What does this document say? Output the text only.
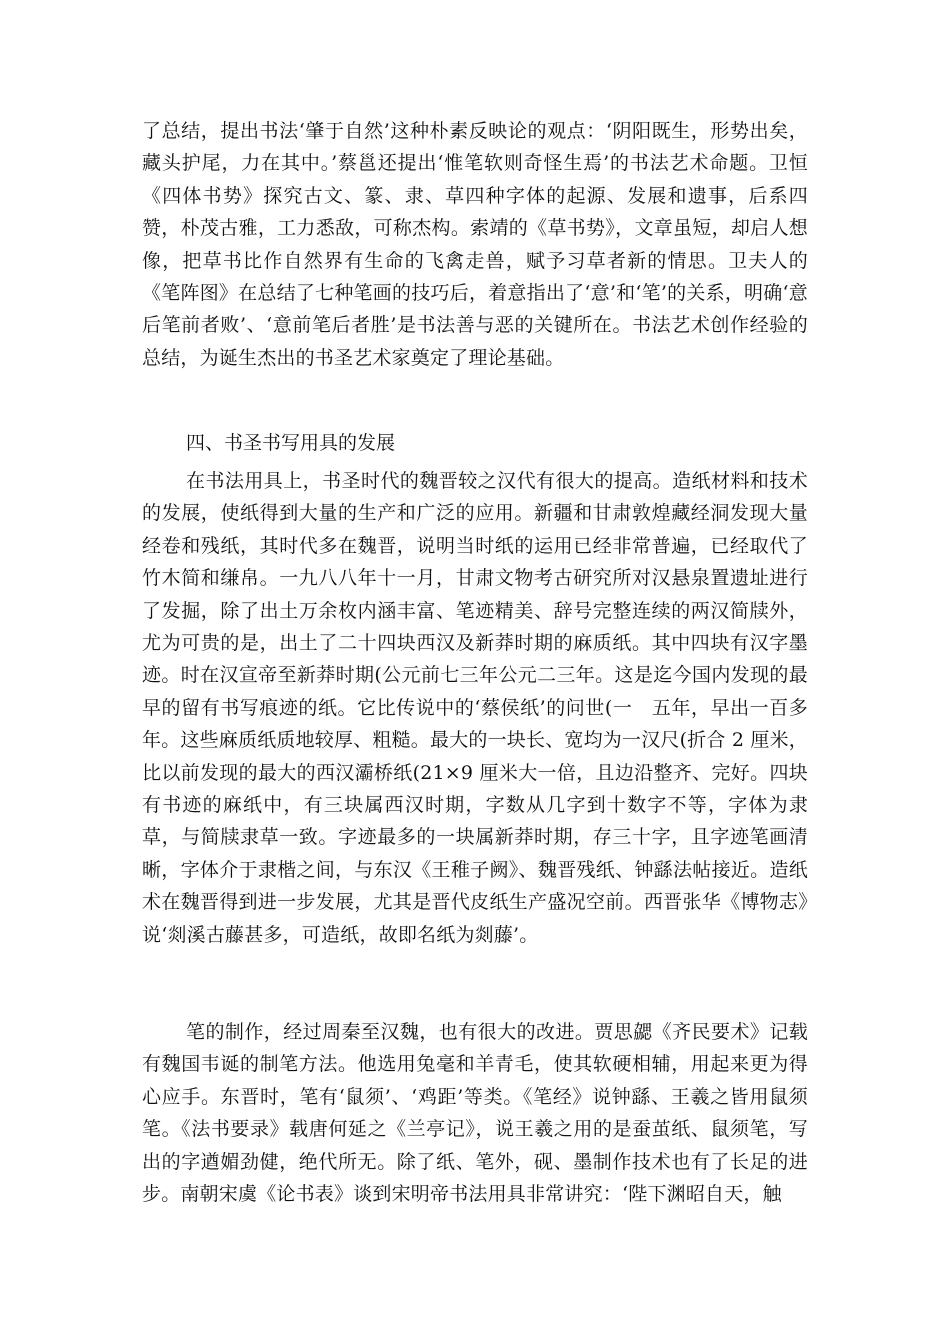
了总结，提出书法‘肇于自然’这种朴素反映论的观点：‘阴阳既生，形势出矣，藏头护尾，力在其中。’蔡邕还提出‘惟笔软则奇怪生焉’的书法艺术命题。卫恒《四体书势》探究古文、篆、隶、草四种字体的起源、发展和遗事，后系四赞，朴茂古雅，工力悉敌，可称杰构。索靖的《草书势》，文章虽短，却启人想像，把草书比作自然界有生命的飞禽走兽，赋予习草者新的情思。卫夫人的《笔阵图》在总结了七种笔画的技巧后，着意指出了‘意’和‘笔’的关系，明确‘意后笔前者败’、‘意前笔后者胜’是书法善与恶的关键所在。书法艺术创作经验的总结，为诞生杰出的书圣艺术家奠定了理论基础。
四、书圣书写用具的发展
在书法用具上，书圣时代的魏晋较之汉代有很大的提高。造纸材料和技术的发展，使纸得到大量的生产和广泛的应用。新疆和甘肃敦煌藏经洞发现大量经卷和残纸，其时代多在魏晋，说明当时纸的运用已经非常普遍，已经取代了竹木简和缣帛。一九八八年十一月，甘肃文物考古研究所对汉悬泉置遗址进行了发掘，除了出土万余枚内涵丰富、笔迹精美、辞号完整连续的两汉简牍外，尤为可贵的是，出土了二十四块西汉及新莽时期的麻质纸。其中四块有汉字墨迹。时在汉宣帝至新莽时期(公元前七三年公元二三年。这是迄今国内发现的最早的留有书写痕迹的纸。它比传说中的‘蔡侯纸’的问世(一　五年，早出一百多年。这些麻质纸质地较厚、粗糙。最大的一块长、宽均为一汉尺(折合 2 厘米，比以前发现的最大的西汉灞桥纸(21×9 厘米大一倍，且边沿整齐、完好。四块有书迹的麻纸中，有三块属西汉时期，字数从几字到十数字不等，字体为隶草，与简牍隶草一致。字迹最多的一块属新莽时期，存三十字，且字迹笔画清晰，字体介于隶楷之间，与东汉《王稚子阙》、魏晋残纸、钟繇法帖接近。造纸术在魏晋得到进一步发展，尤其是晋代皮纸生产盛况空前。西晋张华《博物志》说‘剡溪古藤甚多，可造纸，故即名纸为剡藤’。
笔的制作，经过周秦至汉魏，也有很大的改进。贾思勰《齐民要术》记载有魏国韦诞的制笔方法。他选用兔毫和羊青毛，使其软硬相辅，用起来更为得心应手。东晋时，笔有‘鼠须’、‘鸡距’等类。《笔经》说钟繇、王羲之皆用鼠须笔。《法书要录》载唐何延之《兰亭记》，说王羲之用的是蚕茧纸、鼠须笔，写出的字遒媚劲健，绝代所无。除了纸、笔外，砚、墨制作技术也有了长足的进步。南朝宋虞《论书表》谈到宋明帝书法用具非常讲究：‘陛下渊昭自天，触
